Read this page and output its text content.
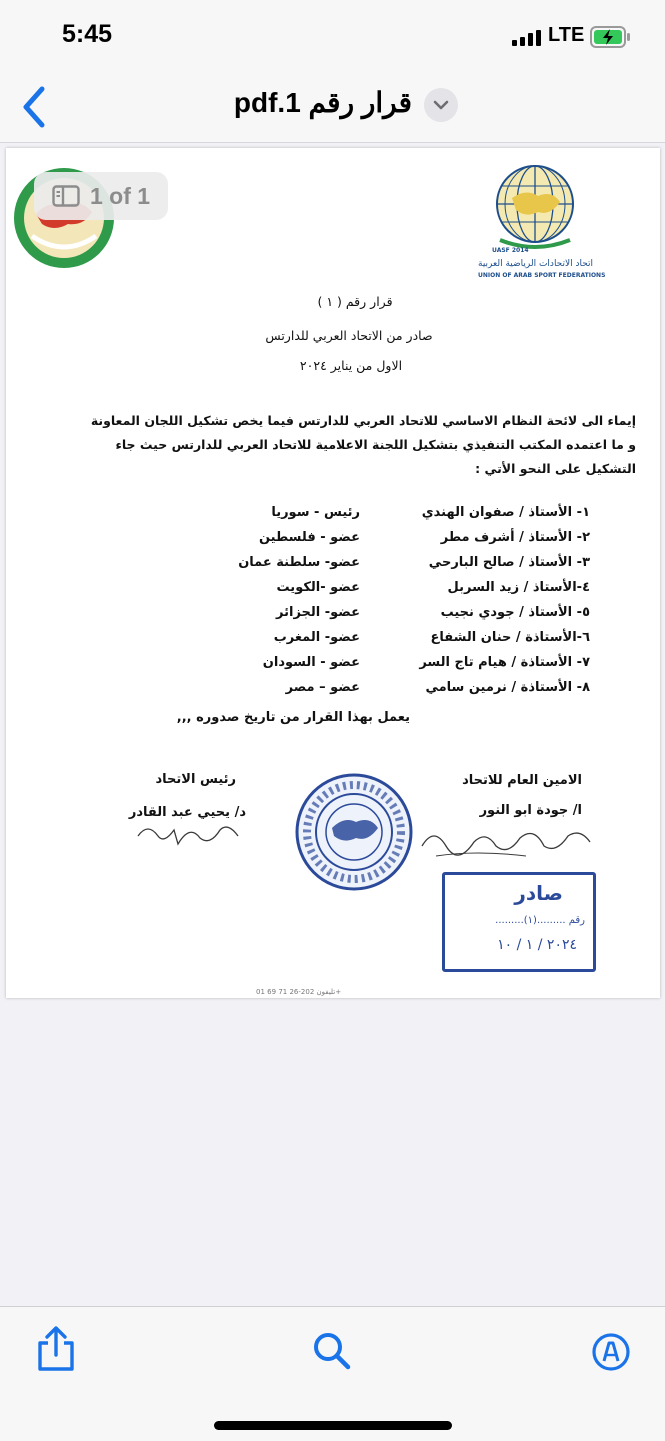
5:45	LTE
قرار رقم 1.pdf
UASF 2014
اتحاد الاتحادات الرياضية العربية
UNION OF ARAB SPORT FEDERATIONS
قرار رقم ( ١ )
صادر من الاتحاد العربي للدارتس
الاول من يناير ٢٠٢٤
إيماء الى لائحة النظام الاساسي للاتحاد العربي للدارتس فيما يخص تشكيل اللجان المعاونة
و ما اعتمده المكتب التنفيذي بتشكيل اللجنة الاعلامية للاتحاد العربي للدارتس حيث جاء
التشكيل على النحو الأتي :
١- الأستاذ / صفوان الهندي
رئيس - سوريا
٢- الأستاذ / أشرف مطر
عضو - فلسطين
٣- الأستاذ / صالح البارحي
عضو- سلطنة عمان
٤-الأستاذ / زيد السربل
عضو -الكويت
٥- الأستاذ / جودي نجيب
عضو- الجزائر
٦-الأستاذة / حنان الشفاع
عضو- المغرب
٧- الأستاذة / هيام تاج السر
عضو - السودان
٨- الأستاذة / نرمين سامي
عضو – مصر
يعمل بهذا القرار من تاريخ صدوره ,,,
الامين العام للاتحاد
ا/ جودة ابو النور
رئيس الاتحاد
د/ يحيي عبد القادر
صادر
رقم .........(١).........
٢٠٢٤ / ١ / ١٠
تليفون 202-26 71 69 01+
1 of 1
